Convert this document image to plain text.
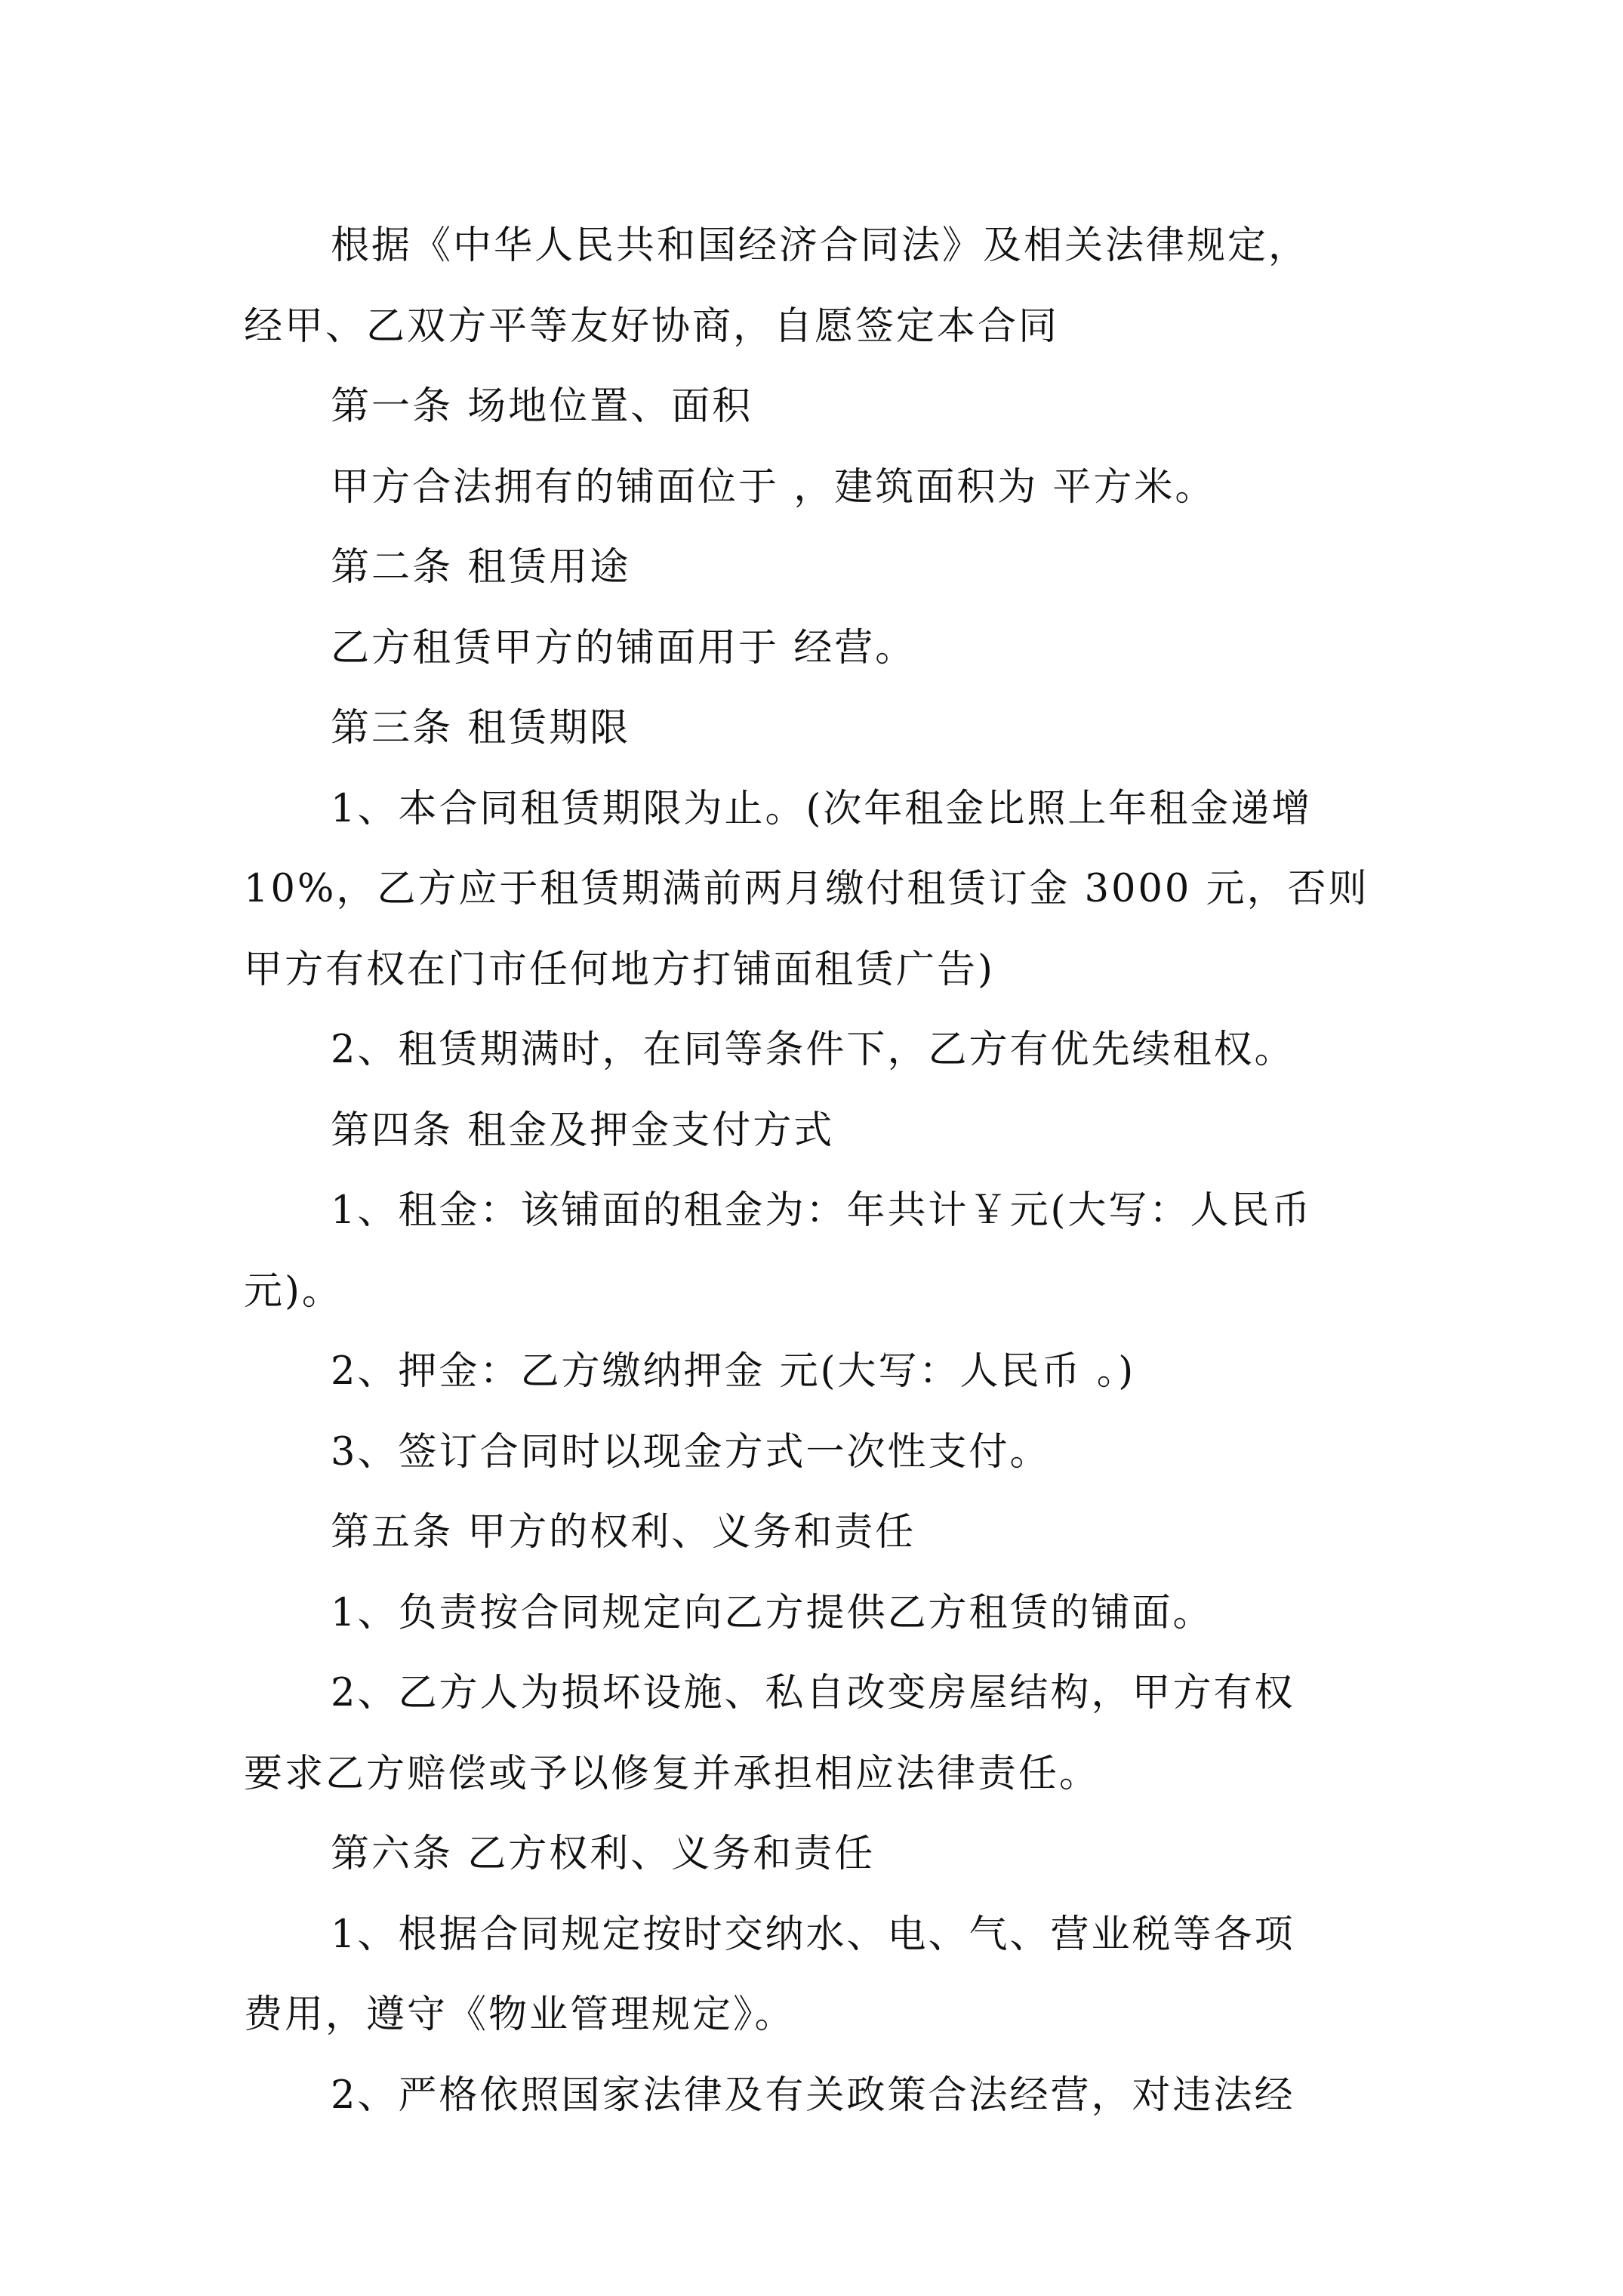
根据《中华人民共和国经济合同法》及相关法律规定，

经甲、乙双方平等友好协商，自愿签定本合同

第一条 场地位置、面积

甲方合法拥有的铺面位于 ，建筑面积为 平方米。

第二条 租赁用途

乙方租赁甲方的铺面用于 经营。

第三条 租赁期限

1、本合同租赁期限为止。(次年租金比照上年租金递增

10%，乙方应于租赁期满前两月缴付租赁订金 3000 元，否则

甲方有权在门市任何地方打铺面租赁广告)

2、租赁期满时，在同等条件下，乙方有优先续租权。

第四条 租金及押金支付方式

1、租金：该铺面的租金为：年共计￥元(大写：人民币

元)。

2、押金：乙方缴纳押金 元(大写：人民币 。)

3、签订合同时以现金方式一次性支付。

第五条 甲方的权利、义务和责任

1、负责按合同规定向乙方提供乙方租赁的铺面。

2、乙方人为损坏设施、私自改变房屋结构，甲方有权

要求乙方赔偿或予以修复并承担相应法律责任。

第六条 乙方权利、义务和责任

1、根据合同规定按时交纳水、电、气、营业税等各项

费用，遵守《物业管理规定》。

2、严格依照国家法律及有关政策合法经营，对违法经
